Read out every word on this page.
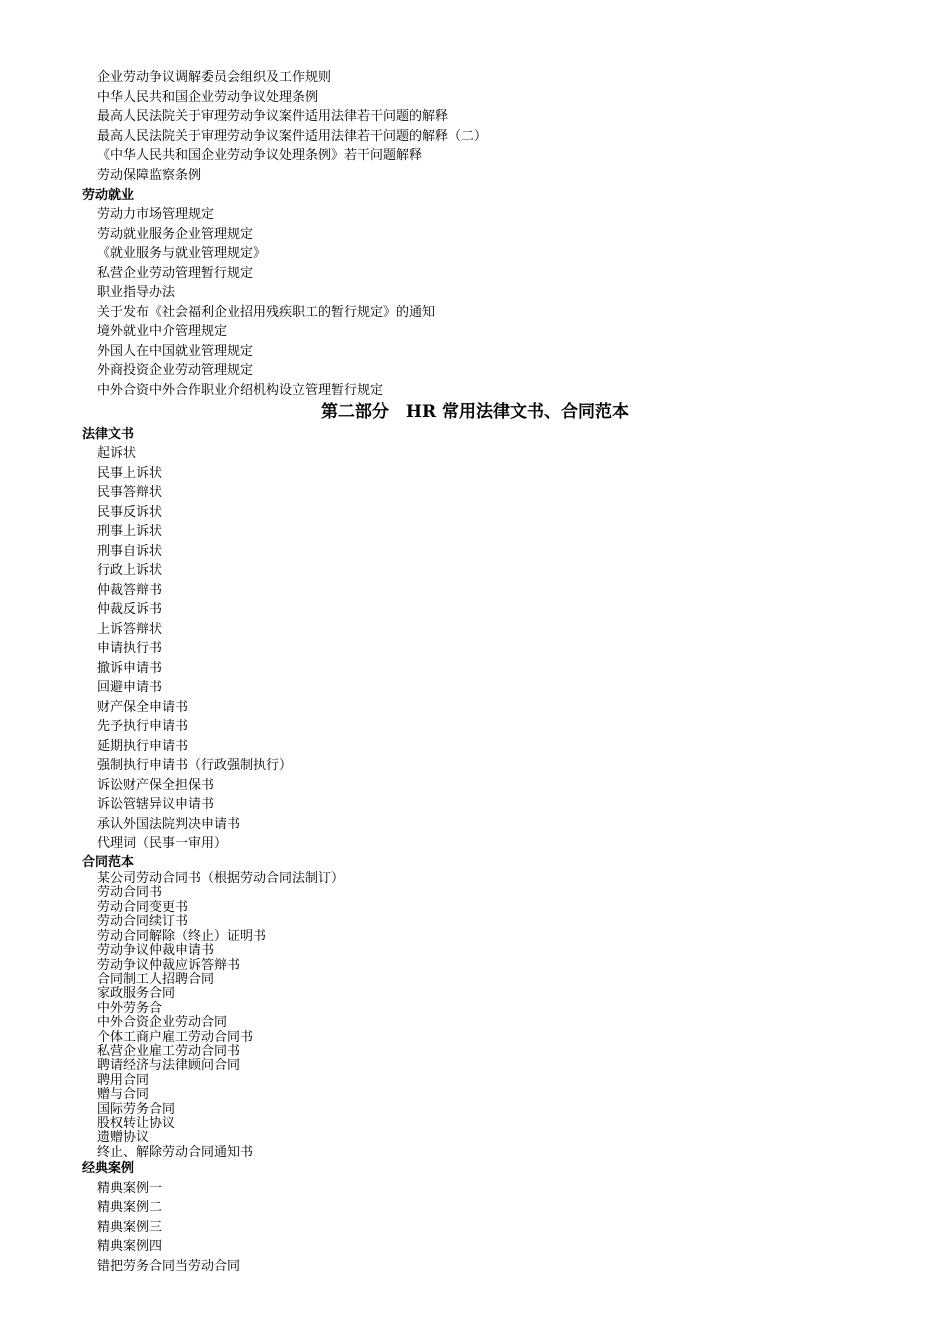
企业劳动争议调解委员会组织及工作规则
中华人民共和国企业劳动争议处理条例
最高人民法院关于审理劳动争议案件适用法律若干问题的解释
最高人民法院关于审理劳动争议案件适用法律若干问题的解释（二）
《中华人民共和国企业劳动争议处理条例》若干问题解释
劳动保障监察条例
劳动就业
劳动力市场管理规定
劳动就业服务企业管理规定
《就业服务与就业管理规定》
私营企业劳动管理暂行规定
职业指导办法
关于发布《社会福利企业招用残疾职工的暂行规定》的通知
境外就业中介管理规定
外国人在中国就业管理规定
外商投资企业劳动管理规定
中外合资中外合作职业介绍机构设立管理暂行规定
第二部分　HR 常用法律文书、合同范本
法律文书
起诉状
民事上诉状
民事答辩状
民事反诉状
刑事上诉状
刑事自诉状
行政上诉状
仲裁答辩书
仲裁反诉书
上诉答辩状
申请执行书
撤诉申请书
回避申请书
财产保全申请书
先予执行申请书
延期执行申请书
强制执行申请书（行政强制执行）
诉讼财产保全担保书
诉讼管辖异议申请书
承认外国法院判决申请书
代理词（民事一审用）
合同范本
某公司劳动合同书（根据劳动合同法制订）
劳动合同书
劳动合同变更书
劳动合同续订书
劳动合同解除（终止）证明书
劳动争议仲裁申请书
劳动争议仲裁应诉答辩书
合同制工人招聘合同
家政服务合同
中外劳务合
中外合资企业劳动合同
个体工商户雇工劳动合同书
私营企业雇工劳动合同书
聘请经济与法律顾问合同
聘用合同
赠与合同
国际劳务合同
股权转让协议
遗赠协议
终止、解除劳动合同通知书
经典案例
精典案例一
精典案例二
精典案例三
精典案例四
错把劳务合同当劳动合同
